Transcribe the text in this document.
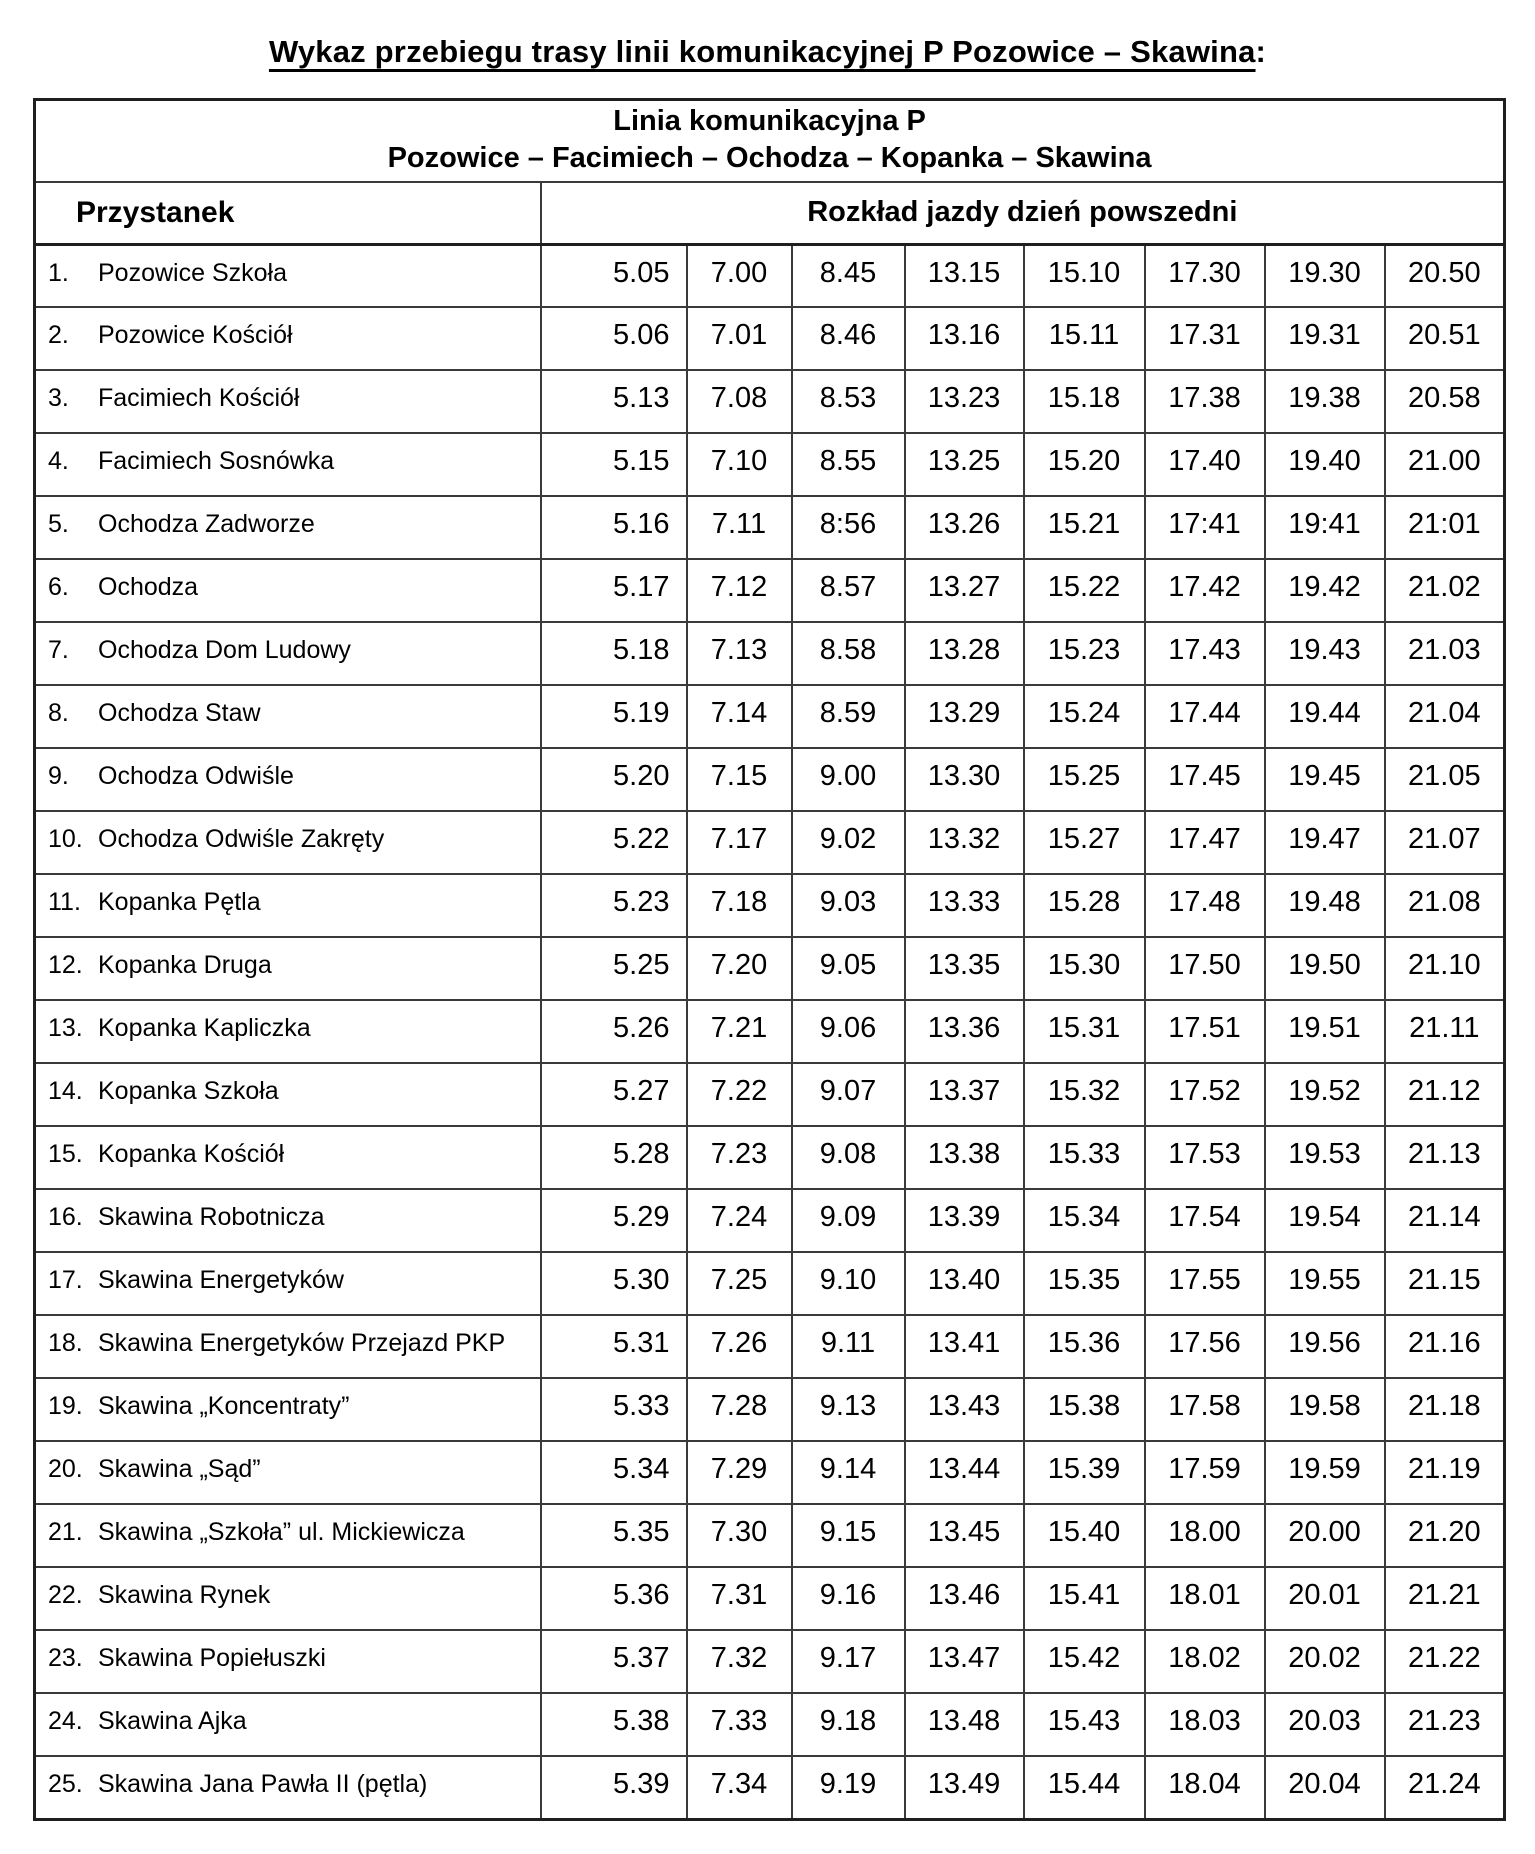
Wykaz przebiegu trasy linii komunikacyjnej P Pozowice – Skawina:
Linia komunikacyjna P
Pozowice – Facimiech – Ochodza – Kopanka – Skawina								

Przystanek	Rozkład jazdy dzień powszedni							
1. Pozowice Szkoła	5.05	7.00	8.45	13.15	15.10	17.30	19.30	20.50
2. Pozowice Kościół	5.06	7.01	8.46	13.16	15.11	17.31	19.31	20.51
3. Facimiech Kościół	5.13	7.08	8.53	13.23	15.18	17.38	19.38	20.58
4. Facimiech Sosnówka	5.15	7.10	8.55	13.25	15.20	17.40	19.40	21.00
5. Ochodza Zadworze	5.16	7.11	8:56	13.26	15.21	17:41	19:41	21:01
6. Ochodza	5.17	7.12	8.57	13.27	15.22	17.42	19.42	21.02
7. Ochodza Dom Ludowy	5.18	7.13	8.58	13.28	15.23	17.43	19.43	21.03
8. Ochodza Staw	5.19	7.14	8.59	13.29	15.24	17.44	19.44	21.04
9. Ochodza Odwiśle	5.20	7.15	9.00	13.30	15.25	17.45	19.45	21.05
10. Ochodza Odwiśle Zakręty	5.22	7.17	9.02	13.32	15.27	17.47	19.47	21.07
11. Kopanka Pętla	5.23	7.18	9.03	13.33	15.28	17.48	19.48	21.08
12. Kopanka Druga	5.25	7.20	9.05	13.35	15.30	17.50	19.50	21.10
13. Kopanka Kapliczka	5.26	7.21	9.06	13.36	15.31	17.51	19.51	21.11
14. Kopanka Szkoła	5.27	7.22	9.07	13.37	15.32	17.52	19.52	21.12
15. Kopanka Kościół	5.28	7.23	9.08	13.38	15.33	17.53	19.53	21.13
16. Skawina Robotnicza	5.29	7.24	9.09	13.39	15.34	17.54	19.54	21.14
17. Skawina Energetyków	5.30	7.25	9.10	13.40	15.35	17.55	19.55	21.15
18. Skawina Energetyków Przejazd PKP	5.31	7.26	9.11	13.41	15.36	17.56	19.56	21.16
19. Skawina „Koncentraty”	5.33	7.28	9.13	13.43	15.38	17.58	19.58	21.18
20. Skawina „Sąd”	5.34	7.29	9.14	13.44	15.39	17.59	19.59	21.19
21. Skawina „Szkoła” ul. Mickiewicza	5.35	7.30	9.15	13.45	15.40	18.00	20.00	21.20
22. Skawina Rynek	5.36	7.31	9.16	13.46	15.41	18.01	20.01	21.21
23. Skawina Popiełuszki	5.37	7.32	9.17	13.47	15.42	18.02	20.02	21.22
24. Skawina Ajka	5.38	7.33	9.18	13.48	15.43	18.03	20.03	21.23
25. Skawina Jana Pawła II (pętla)	5.39	7.34	9.19	13.49	15.44	18.04	20.04	21.24
